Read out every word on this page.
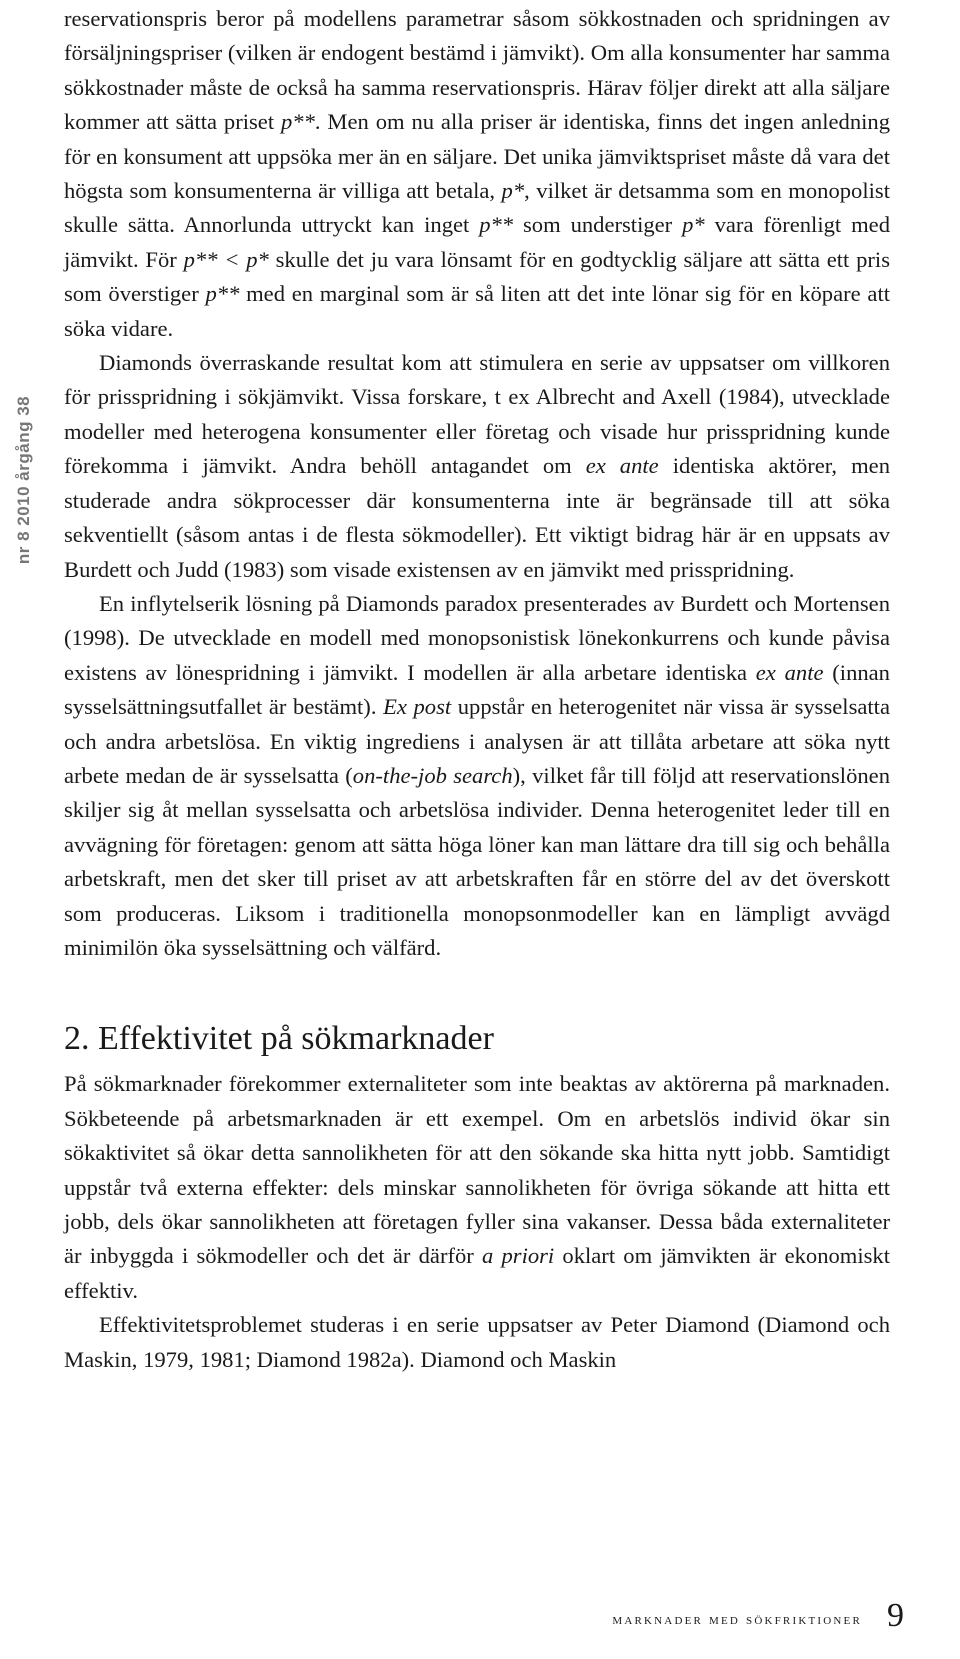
nr 8 2010 årgång 38

reservationspris beror på modellens parametrar såsom sökkostnaden och spridningen av försäljningspriser (vilken är endogent bestämd i jämvikt). Om alla konsumenter har samma sökkostnader måste de också ha samma reservationspris. Härav följer direkt att alla säljare kommer att sätta priset p**. Men om nu alla priser är identiska, finns det ingen anledning för en konsument att uppsöka mer än en säljare. Det unika jämviktspriset måste då vara det högsta som konsumenterna är villiga att betala, p*, vilket är detsamma som en monopolist skulle sätta. Annorlunda uttryckt kan inget p** som understiger p* vara förenligt med jämvikt. För p** < p* skulle det ju vara lönsamt för en godtycklig säljare att sätta ett pris som överstiger p** med en marginal som är så liten att det inte lönar sig för en köpare att söka vidare.

Diamonds överraskande resultat kom att stimulera en serie av uppsatser om villkoren för prisspridning i sökjämvikt. Vissa forskare, t ex Albrecht and Axell (1984), utvecklade modeller med heterogena konsumenter eller företag och visade hur prisspridning kunde förekomma i jämvikt. Andra behöll antagandet om ex ante identiska aktörer, men studerade andra sökprocesser där konsumenterna inte är begränsade till att söka sekventiellt (såsom antas i de flesta sökmodeller). Ett viktigt bidrag här är en uppsats av Burdett och Judd (1983) som visade existensen av en jämvikt med prisspridning.

En inflytelserik lösning på Diamonds paradox presenterades av Burdett och Mortensen (1998). De utvecklade en modell med monopsonistisk lönekonkurrens och kunde påvisa existens av lönespridning i jämvikt. I modellen är alla arbetare identiska ex ante (innan sysselsättningsutfallet är bestämt). Ex post uppstår en heterogenitet när vissa är sysselsatta och andra arbetslösa. En viktig ingrediens i analysen är att tillåta arbetare att söka nytt arbete medan de är sysselsatta (on-the-job search), vilket får till följd att reservationslönen skiljer sig åt mellan sysselsatta och arbetslösa individer. Denna heterogenitet leder till en avvägning för företagen: genom att sätta höga löner kan man lättare dra till sig och behålla arbetskraft, men det sker till priset av att arbetskraften får en större del av det överskott som produceras. Liksom i traditionella monopsonmodeller kan en lämpligt avvägd minimilön öka sysselsättning och välfärd.

2. Effektivitet på sökmarknader

På sökmarknader förekommer externaliteter som inte beaktas av aktörerna på marknaden. Sökbeteende på arbetsmarknaden är ett exempel. Om en arbetslös individ ökar sin sökaktivitet så ökar detta sannolikheten för att den sökande ska hitta nytt jobb. Samtidigt uppstår två externa effekter: dels minskar sannolikheten för övriga sökande att hitta ett jobb, dels ökar sannolikheten att företagen fyller sina vakanser. Dessa båda externaliteter är inbyggda i sökmodeller och det är därför a priori oklart om jämvikten är ekonomiskt effektiv.

Effektivitetsproblemet studeras i en serie uppsatser av Peter Diamond (Diamond och Maskin, 1979, 1981; Diamond 1982a). Diamond och Maskin

marknader med sökfriktioner 9
